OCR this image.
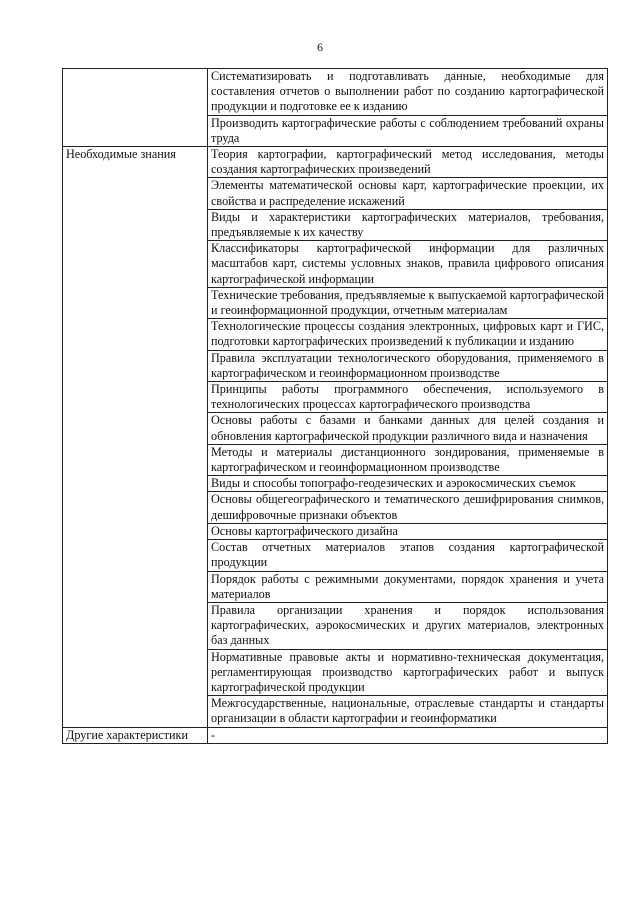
6
	Систематизировать и подготавливать данные, необходимые для составления отчетов о выполнении работ по созданию картографической продукции и подготовке ее к изданию
	Производить картографические работы с соблюдением требований охраны труда
Необходимые знания	Теория картографии, картографический метод исследования, методы создания картографических произведений
	Элементы математической основы карт, картографические проекции, их свойства и распределение искажений
	Виды и характеристики картографических материалов, требования, предъявляемые к их качеству
	Классификаторы картографической информации для различных масштабов карт, системы условных знаков, правила цифрового описания картографической информации
	Технические требования, предъявляемые к выпускаемой картографической и геоинформационной продукции, отчетным материалам
	Технологические процессы создания электронных, цифровых карт и ГИС, подготовки картографических произведений к публикации и изданию
	Правила эксплуатации технологического оборудования, применяемого в картографическом и геоинформационном производстве
	Принципы работы программного обеспечения, используемого в технологических процессах картографического производства
	Основы работы с базами и банками данных для целей создания и обновления картографической продукции различного вида и назначения
	Методы и материалы дистанционного зондирования, применяемые в картографическом и геоинформационном производстве
	Виды и способы топографо-геодезических и аэрокосмических съемок
	Основы общегеографического и тематического дешифрирования снимков, дешифровочные признаки объектов
	Основы картографического дизайна
	Состав отчетных материалов этапов создания картографической продукции
	Порядок работы с режимными документами, порядок хранения и учета материалов
	Правила организации хранения и порядок использования картографических, аэрокосмических и других материалов, электронных баз данных
	Нормативные правовые акты и нормативно-техническая документация, регламентирующая производство картографических работ и выпуск картографической продукции
	Межгосударственные, национальные, отраслевые стандарты и стандарты организации в области картографии и геоинформатики
Другие характеристики	-
